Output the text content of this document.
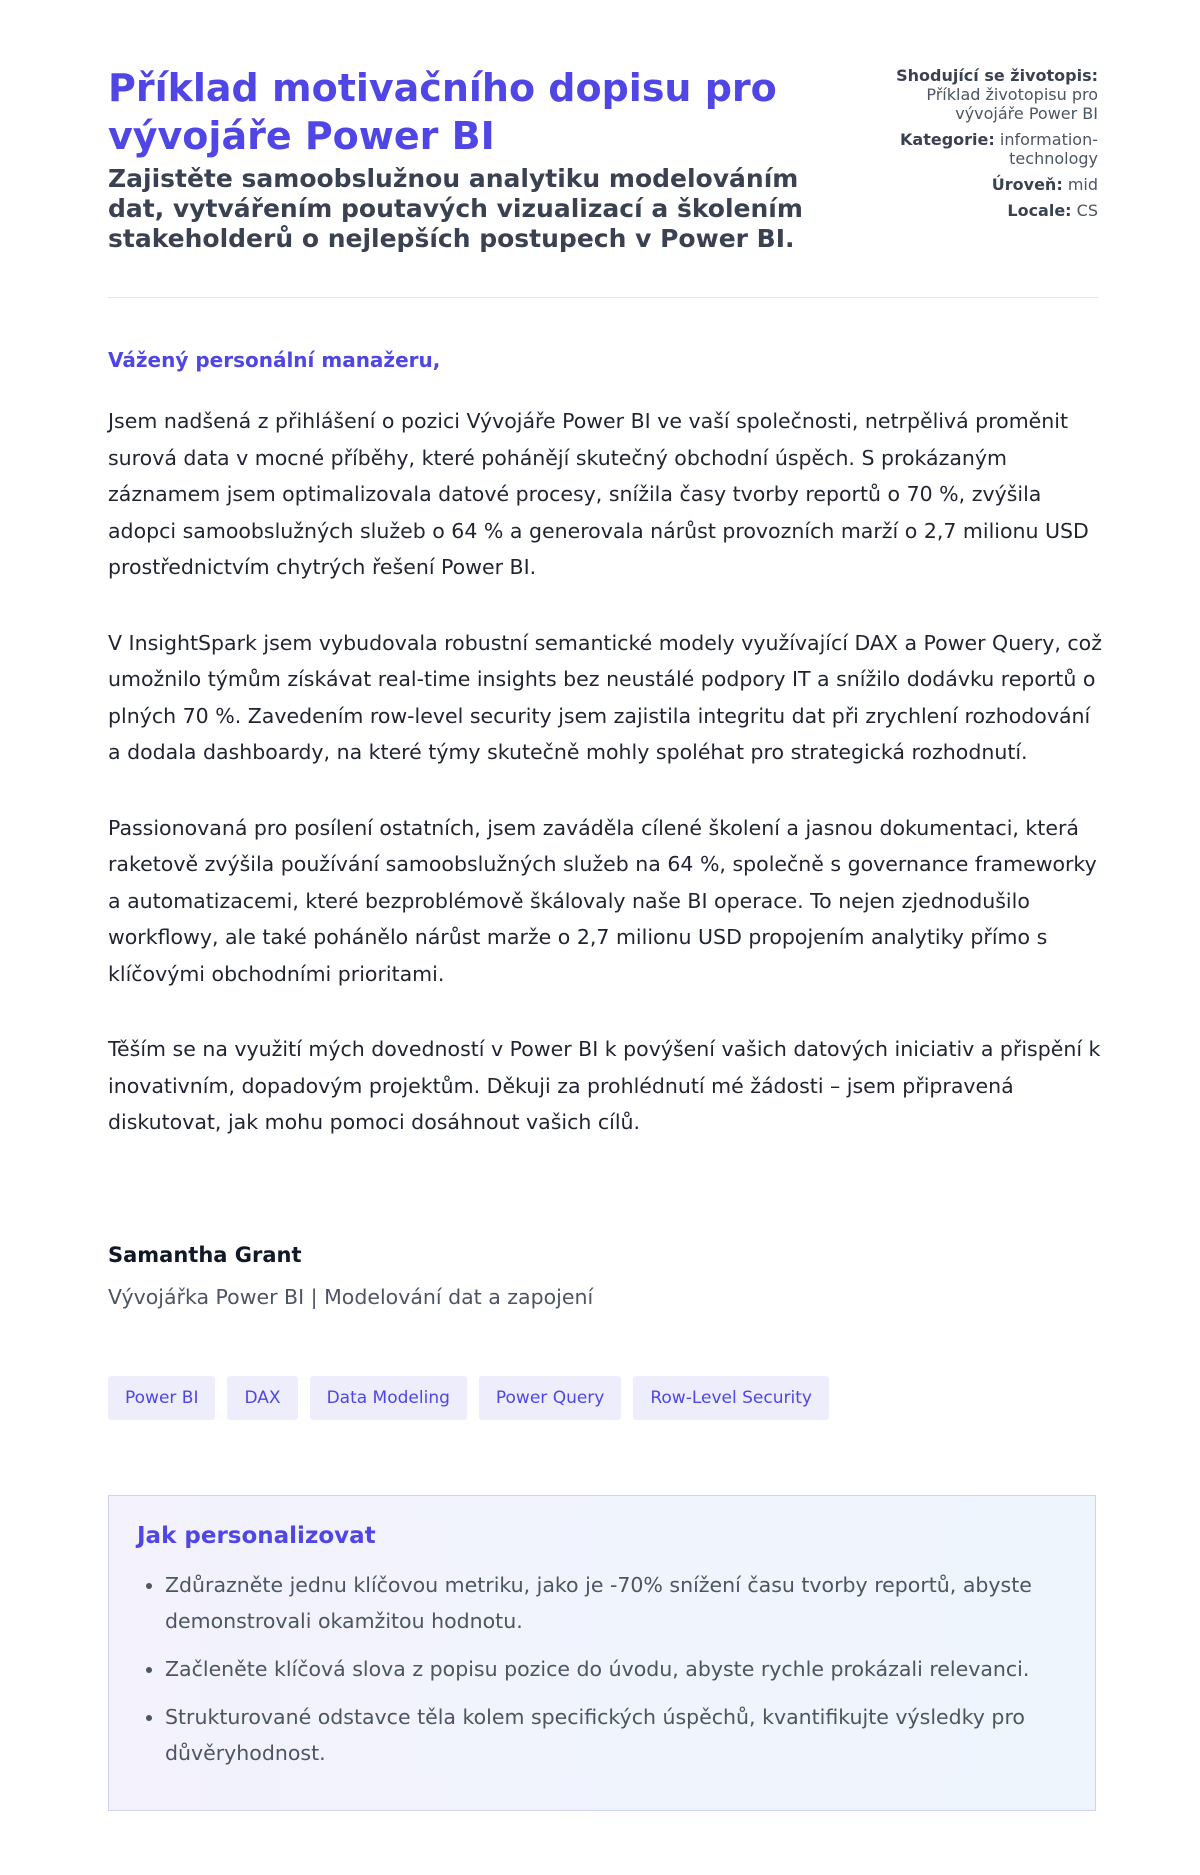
Příklad motivačního dopisu pro vývojáře Power BI

Zajistěte samoobslužnou analytiku modelováním dat, vytvářením poutavých vizualizací a školením stakeholderů o nejlepších postupech v Power BI.

Shodující se životopis: Příklad životopisu pro vývojáře Power BI
Kategorie: information-technology
Úroveň: mid
Locale: CS
Vážený personální manažeru,

Jsem nadšená z přihlášení o pozici Vývojáře Power BI ve vaší společnosti, netrpělivá proměnit surová data v mocné příběhy, které pohánějí skutečný obchodní úspěch. S prokázaným záznamem jsem optimalizovala datové procesy, snížila časy tvorby reportů o 70 %, zvýšila adopci samoobslužných služeb o 64 % a generovala nárůst provozních marží o 2,7 milionu USD prostřednictvím chytrých řešení Power BI.

V InsightSpark jsem vybudovala robustní semantické modely využívající DAX a Power Query, což umožnilo týmům získávat real-time insights bez neustálé podpory IT a snížilo dodávku reportů o plných 70 %. Zavedením row-level security jsem zajistila integritu dat při zrychlení rozhodování a dodala dashboardy, na které týmy skutečně mohly spoléhat pro strategická rozhodnutí.

Passionovaná pro posílení ostatních, jsem zaváděla cílené školení a jasnou dokumentaci, která raketově zvýšila používání samoobslužných služeb na 64 %, společně s governance frameworky a automatizacemi, které bezproblémově škálovaly naše BI operace. To nejen zjednodušilo workflowy, ale také pohánělo nárůst marže o 2,7 milionu USD propojením analytiky přímo s klíčovými obchodními prioritami.

Těším se na využití mých dovedností v Power BI k povýšení vašich datových iniciativ a přispění k inovativním, dopadovým projektům. Děkuji za prohlédnutí mé žádosti – jsem připravená diskutovat, jak mohu pomoci dosáhnout vašich cílů.

Samantha Grant
Vývojářka Power BI | Modelování dat a zapojení
Power BI	DAX	Data Modeling	Power Query	Row-Level Security
Jak personalizovat
• Zdůrazněte jednu klíčovou metriku, jako je -70% snížení času tvorby reportů, abyste demonstrovali okamžitou hodnotu.
• Začleněte klíčová slova z popisu pozice do úvodu, abyste rychle prokázali relevanci.
• Strukturované odstavce těla kolem specifických úspěchů, kvantifikujte výsledky pro důvěryhodnost.
